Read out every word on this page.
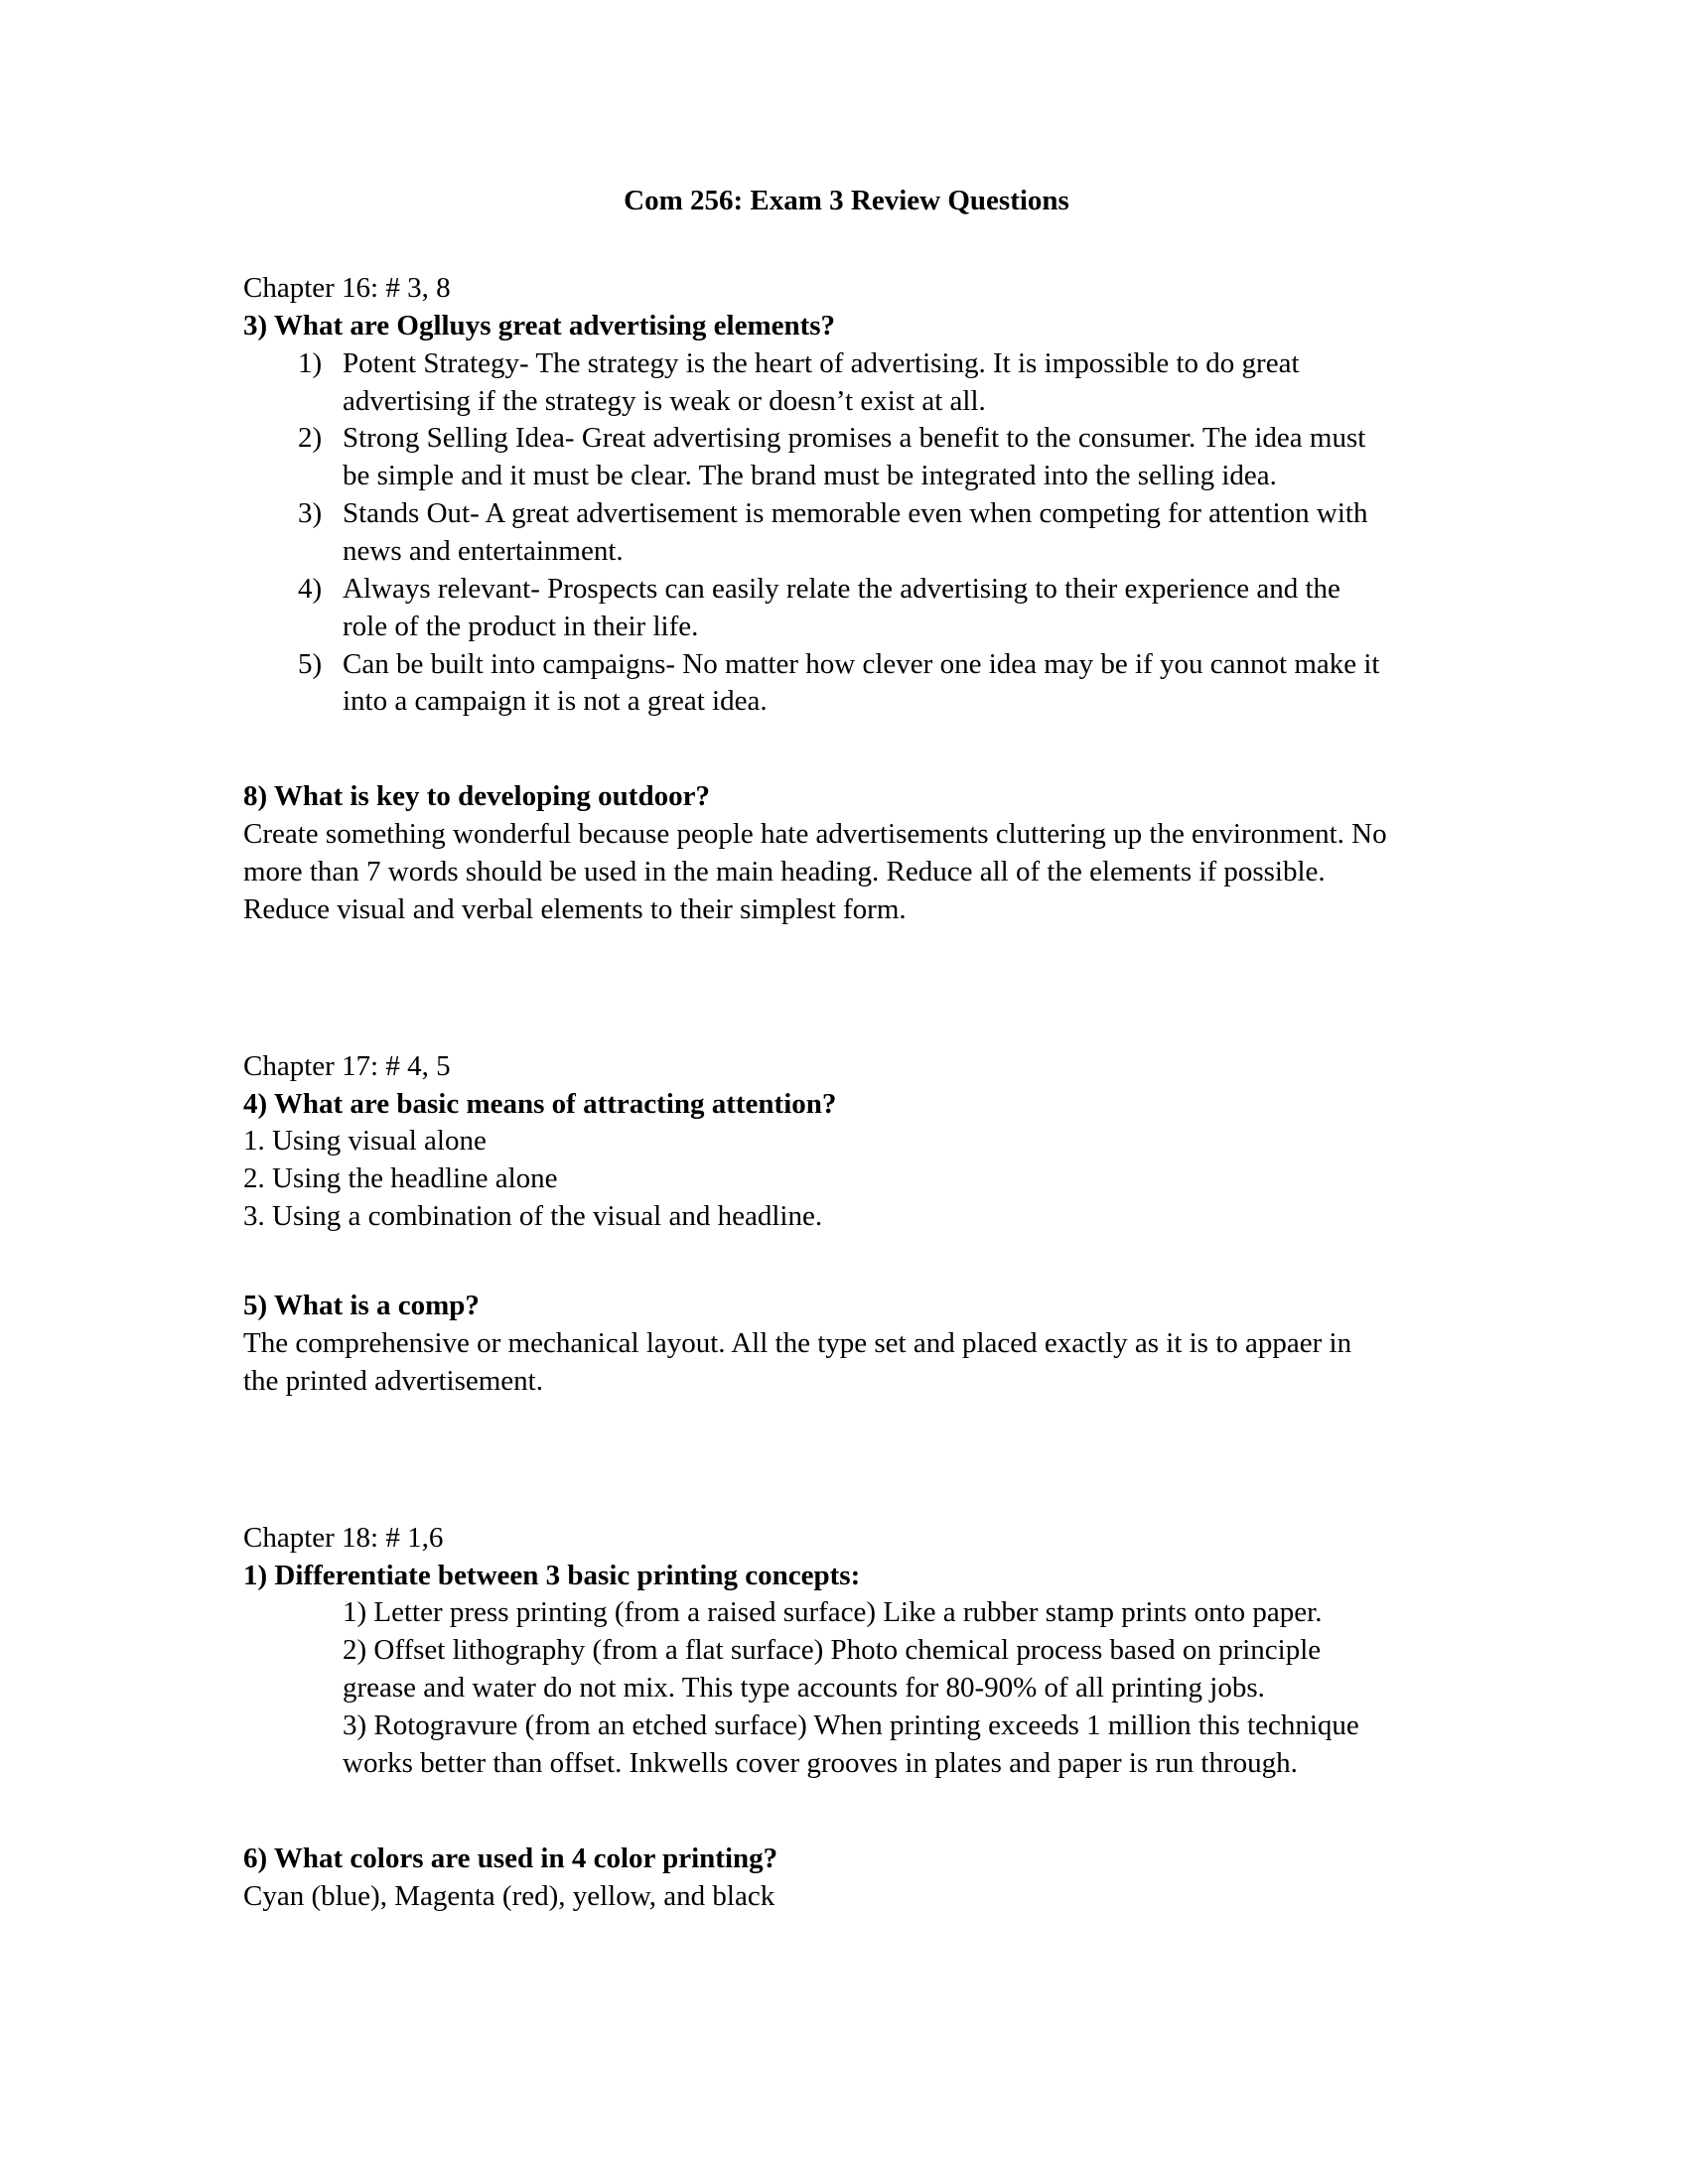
Com 256: Exam 3 Review Questions

Chapter 16: # 3, 8

3) What are Oglluys great advertising elements?

1) Potent Strategy- The strategy is the heart of advertising. It is impossible to do great advertising if the strategy is weak or doesn’t exist at all.
2) Strong Selling Idea- Great advertising promises a benefit to the consumer. The idea must be simple and it must be clear. The brand must be integrated into the selling idea.
3) Stands Out- A great advertisement is memorable even when competing for attention with news and entertainment.
4) Always relevant- Prospects can easily relate the advertising to their experience and the role of the product in their life.
5) Can be built into campaigns- No matter how clever one idea may be if you cannot make it into a campaign it is not a great idea.

8) What is key to developing outdoor?

Create something wonderful because people hate advertisements cluttering up the environment. No more than 7 words should be used in the main heading. Reduce all of the elements if possible. Reduce visual and verbal elements to their simplest form.

Chapter 17: # 4, 5

4) What are basic means of attracting attention?

1. Using visual alone
2. Using the headline alone
3. Using a combination of the visual and headline.

5) What is a comp?

The comprehensive or mechanical layout. All the type set and placed exactly as it is to appaer in the printed advertisement.

Chapter 18: # 1,6

1) Differentiate between 3 basic printing concepts:

1) Letter press printing (from a raised surface) Like a rubber stamp prints onto paper.

2) Offset lithography (from a flat surface) Photo chemical process based on principle grease and water do not mix. This type accounts for 80-90% of all printing jobs.

3) Rotogravure (from an etched surface) When printing exceeds 1 million this technique works better than offset. Inkwells cover grooves in plates and paper is run through.

6) What colors are used in 4 color printing?

Cyan (blue), Magenta (red), yellow, and black
